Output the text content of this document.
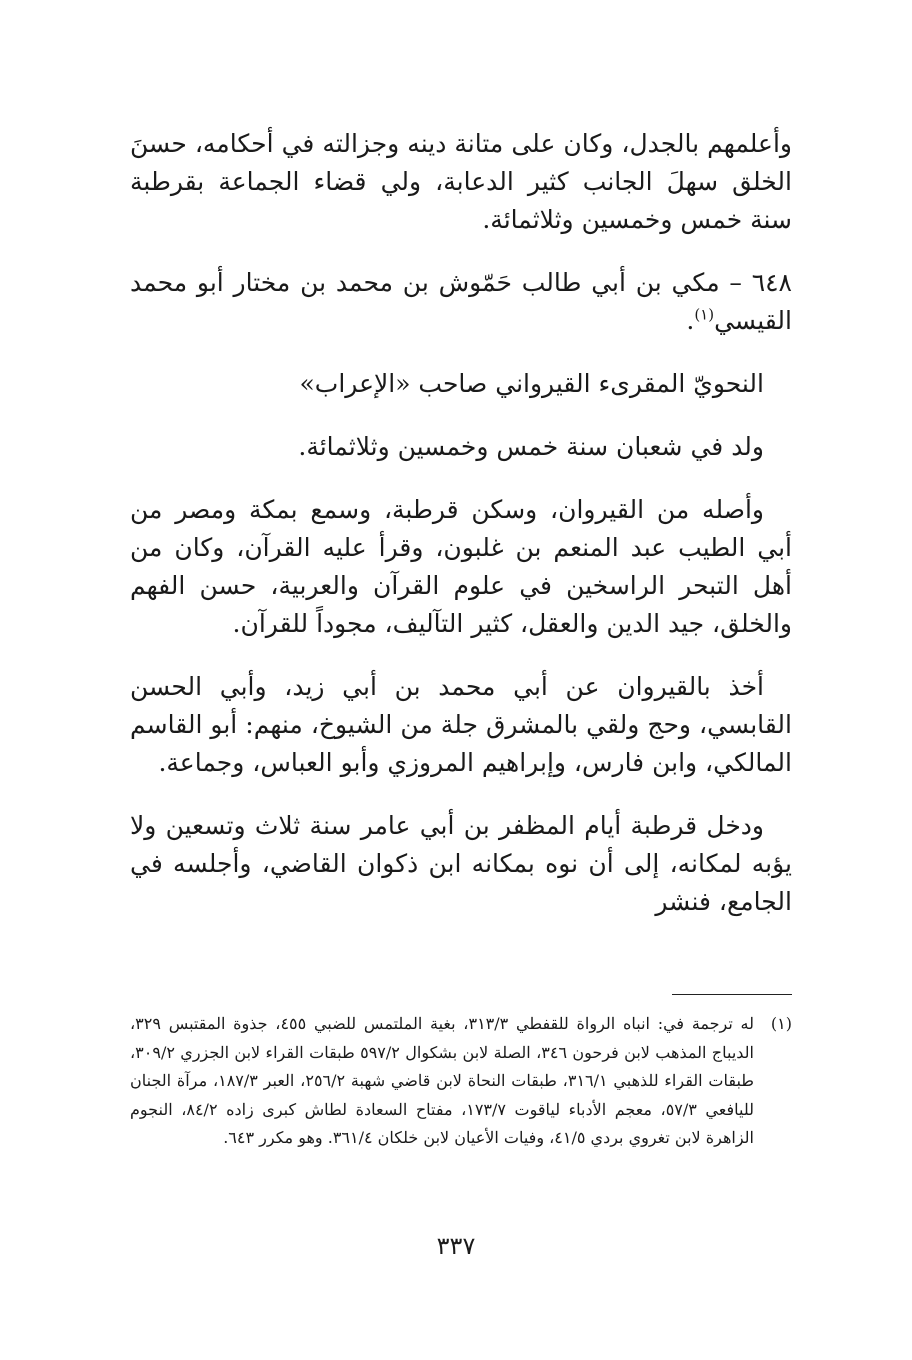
وأعلمهم بالجدل، وكان على متانة دينه وجزالته في أحكامه، حسنَ الخلق سهلَ الجانب كثير الدعابة، ولي قضاء الجماعة بقرطبة سنة خمس وخمسين وثلاثمائة.

٦٤٨ – مكي بن أبي طالب حَمّوش بن محمد بن مختار أبو محمد القيسي$^{(١)}$.

النحويّ المقرىء القيرواني صاحب «الإعراب»

ولد في شعبان سنة خمس وخمسين وثلاثمائة.

وأصله من القيروان، وسكن قرطبة، وسمع بمكة ومصر من أبي الطيب عبد المنعم بن غلبون، وقرأ عليه القرآن، وكان من أهل التبحر الراسخين في علوم القرآن والعربية، حسن الفهم والخلق، جيد الدين والعقل، كثير التآليف، مجوداً للقرآن.

أخذ بالقيروان عن أبي محمد بن أبي زيد، وأبي الحسن القابسي، وحج ولقي بالمشرق جلة من الشيوخ، منهم: أبو القاسم المالكي، وابن فارس، وإبراهيم المروزي وأبو العباس، وجماعة.

ودخل قرطبة أيام المظفر بن أبي عامر سنة ثلاث وتسعين ولا يؤبه لمكانه، إلى أن نوه بمكانه ابن ذكوان القاضي، وأجلسه في الجامع، فنشر

(١)
له ترجمة في: انباه الرواة للقفطي ٣١٣/٣، بغية الملتمس للضبي ٤٥٥، جذوة المقتبس ٣٢٩، الديباج المذهب لابن فرحون ٣٤٦، الصلة لابن بشكوال ٥٩٧/٢ طبقات القراء لابن الجزري ٣٠٩/٢، طبقات القراء للذهبي ٣١٦/١، طبقات النحاة لابن قاضي شهبة ٢٥٦/٢، العبر ١٨٧/٣، مرآة الجنان لليافعي ٥٧/٣، معجم الأدباء لياقوت ١٧٣/٧، مفتاح السعادة لطاش كبرى زاده ٨٤/٢، النجوم الزاهرة لابن تغروي بردي ٤١/٥، وفيات الأعيان لابن خلكان ٣٦١/٤. وهو مكرر ٦٤٣.
٣٣٧
